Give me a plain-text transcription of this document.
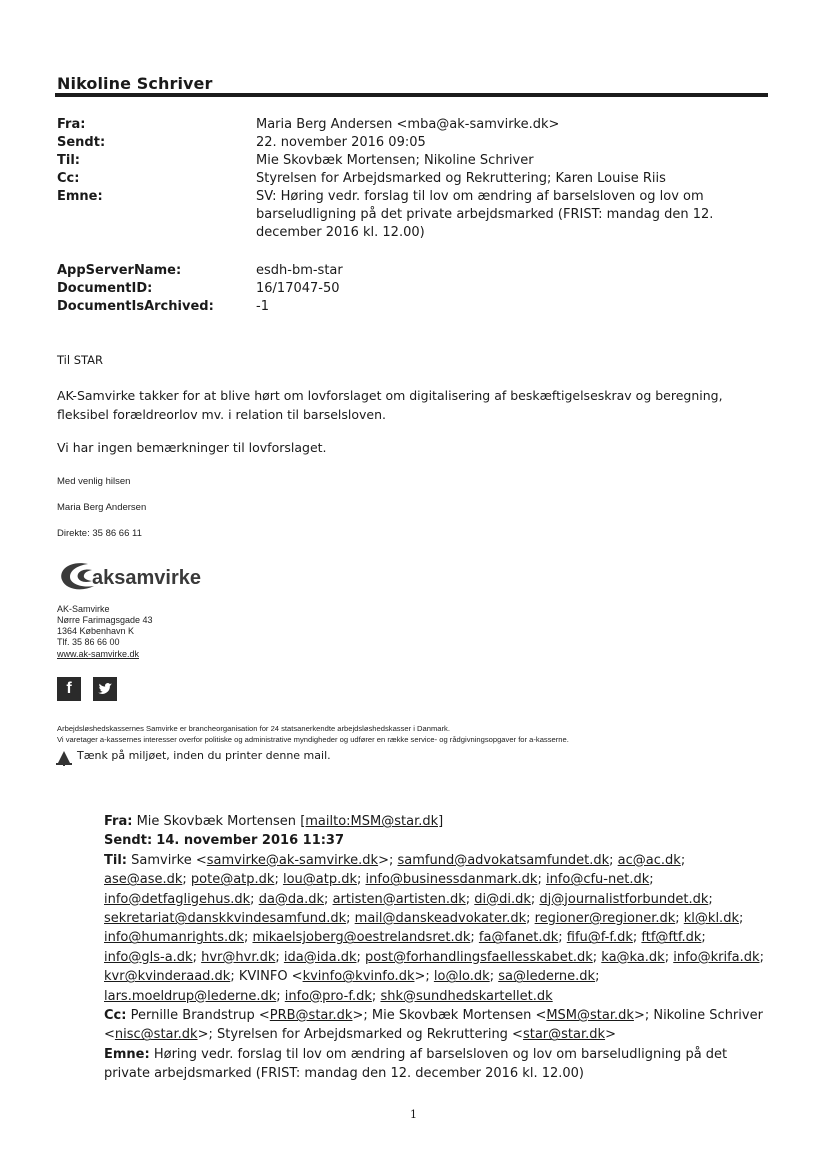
Nikoline Schriver
Fra:	Maria Berg Andersen <mba@ak-samvirke.dk>
Sendt:	22. november 2016 09:05
Til:	Mie Skovbæk Mortensen; Nikoline Schriver
Cc:	Styrelsen for Arbejdsmarked og Rekruttering; Karen Louise Riis
Emne:	SV: Høring vedr. forslag til lov om ændring af barselsloven og lov om barseludligning på det private arbejdsmarked (FRIST: mandag den 12. december 2016 kl. 12.00)
AppServerName:	esdh-bm-star
DocumentID:	16/17047-50
DocumentIsArchived:	-1
Til STAR
AK-Samvirke takker for at blive hørt om lovforslaget om digitalisering af beskæftigelseskrav og beregning, fleksibel forældreorlov mv. i relation til barselsloven.
Vi har ingen bemærkninger til lovforslaget.
Med venlig hilsen
Maria Berg Andersen
Direkte: 35 86 66 11
aksamvirke
AK-Samvirke
Nørre Farimagsgade 43
1364 København K
Tlf. 35 86 66 00
www.ak-samvirke.dk
f
Arbejdsløshedskassernes Samvirke er brancheorganisation for 24 statsanerkendte arbejdsløshedskasser i Danmark.
Vi varetager a-kassernes interesser overfor politiske og administrative myndigheder og udfører en række service- og rådgivningsopgaver for a-kasserne.
Tænk på miljøet, inden du printer denne mail.
Fra: Mie Skovbæk Mortensen [mailto:MSM@star.dk]
Sendt: 14. november 2016 11:37
Til: Samvirke <samvirke@ak-samvirke.dk>; samfund@advokatsamfundet.dk; ac@ac.dk; ase@ase.dk; pote@atp.dk; lou@atp.dk; info@businessdanmark.dk; info@cfu-net.dk; info@detfagligehus.dk; da@da.dk; artisten@artisten.dk; di@di.dk; dj@journalistforbundet.dk; sekretariat@danskkvindesamfund.dk; mail@danskeadvokater.dk; regioner@regioner.dk; kl@kl.dk; info@humanrights.dk; mikaelsjoberg@oestrelandsret.dk; fa@fanet.dk; fifu@f-f.dk; ftf@ftf.dk; info@gls-a.dk; hvr@hvr.dk; ida@ida.dk; post@forhandlingsfaellesskabet.dk; ka@ka.dk; info@krifa.dk; kvr@kvinderaad.dk; KVINFO <kvinfo@kvinfo.dk>; lo@lo.dk; sa@lederne.dk; lars.moeldrup@lederne.dk; info@pro-f.dk; shk@sundhedskartellet.dk
Cc: Pernille Brandstrup <PRB@star.dk>; Mie Skovbæk Mortensen <MSM@star.dk>; Nikoline Schriver <nisc@star.dk>; Styrelsen for Arbejdsmarked og Rekruttering <star@star.dk>
Emne: Høring vedr. forslag til lov om ændring af barselsloven og lov om barseludligning på det private arbejdsmarked (FRIST: mandag den 12. december 2016 kl. 12.00)
1
